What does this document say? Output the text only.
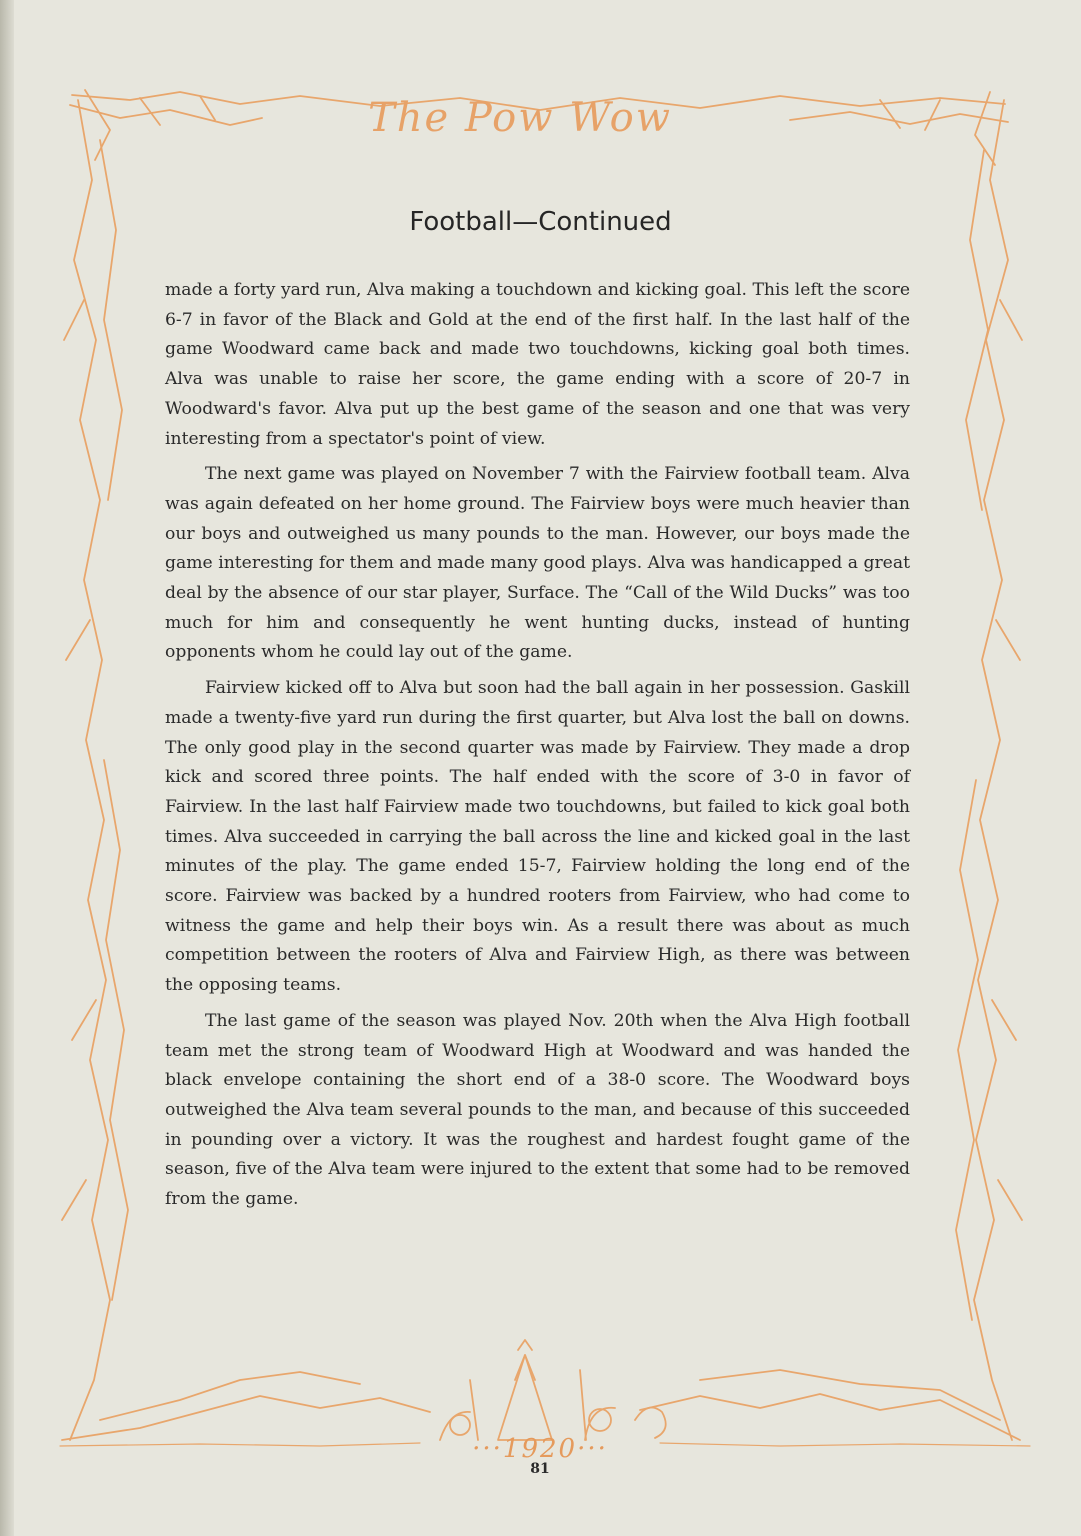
The Pow Wow
Football—Continued

made a forty yard run, Alva making a touchdown and kicking goal. This left the score 6-7 in favor of the Black and Gold at the end of the first half. In the last half of the game Woodward came back and made two touchdowns, kicking goal both times. Alva was unable to raise her score, the game ending with a score of 20-7 in Woodward's favor. Alva put up the best game of the season and one that was very interesting from a spectator's point of view.

The next game was played on November 7 with the Fairview football team. Alva was again defeated on her home ground. The Fairview boys were much heavier than our boys and outweighed us many pounds to the man. However, our boys made the game interesting for them and made many good plays. Alva was handicapped a great deal by the absence of our star player, Surface. The “Call of the Wild Ducks” was too much for him and consequently he went hunting ducks, instead of hunting opponents whom he could lay out of the game.

Fairview kicked off to Alva but soon had the ball again in her possession. Gaskill made a twenty-five yard run during the first quarter, but Alva lost the ball on downs. The only good play in the second quarter was made by Fairview. They made a drop kick and scored three points. The half ended with the score of 3-0 in favor of Fairview. In the last half Fairview made two touchdowns, but failed to kick goal both times. Alva succeeded in carrying the ball across the line and kicked goal in the last minutes of the play. The game ended 15-7, Fairview holding the long end of the score. Fairview was backed by a hundred rooters from Fairview, who had come to witness the game and help their boys win. As a result there was about as much competition between the rooters of Alva and Fairview High, as there was between the opposing teams.

The last game of the season was played Nov. 20th when the Alva High football team met the strong team of Woodward High at Woodward and was handed the black envelope containing the short end of a 38-0 score. The Woodward boys outweighed the Alva team several pounds to the man, and because of this succeeded in pounding over a victory. It was the roughest and hardest fought game of the season, five of the Alva team were injured to the extent that some had to be removed from the game.

···1920···
81
